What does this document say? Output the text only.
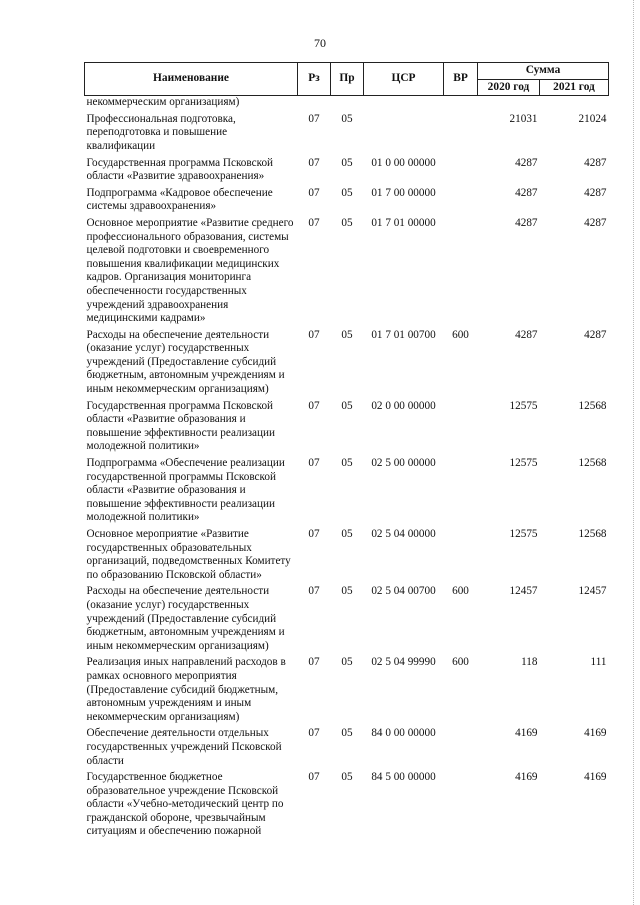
70
Наименование	Рз	Пр	ЦСР	ВР	Сумма	
					2020 год	2021 год
некоммерческим организациям)						
Профессиональная подготовка, переподготовка и повышение квалификации	07	05			21031	21024
Государственная программа Псковской области «Развитие здравоохранения»	07	05	01 0 00 00000		4287	4287
Подпрограмма «Кадровое обеспечение системы здравоохранения»	07	05	01 7 00 00000		4287	4287
Основное мероприятие «Развитие среднего профессионального образования, системы целевой подготовки и своевременного повышения квалификации медицинских кадров. Организация мониторинга обеспеченности государственных учреждений здравоохранения медицинскими кадрами»	07	05	01 7 01 00000		4287	4287
Расходы на обеспечение деятельности (оказание услуг) государственных учреждений (Предоставление субсидий бюджетным, автономным учреждениям и иным некоммерческим организациям)	07	05	01 7 01 00700	600	4287	4287
Государственная программа Псковской области «Развитие образования и повышение эффективности реализации молодежной политики»	07	05	02 0 00 00000		12575	12568
Подпрограмма «Обеспечение реализации государственной программы Псковской области «Развитие образования и повышение эффективности реализации молодежной политики»	07	05	02 5 00 00000		12575	12568
Основное мероприятие «Развитие государственных образовательных организаций, подведомственных Комитету по образованию Псковской области»	07	05	02 5 04 00000		12575	12568
Расходы на обеспечение деятельности (оказание услуг) государственных учреждений (Предоставление субсидий бюджетным, автономным учреждениям и иным некоммерческим организациям)	07	05	02 5 04 00700	600	12457	12457
Реализация иных направлений расходов в рамках основного мероприятия (Предоставление субсидий бюджетным, автономным учреждениям и иным некоммерческим организациям)	07	05	02 5 04 99990	600	118	111
Обеспечение деятельности отдельных государственных учреждений Псковской области	07	05	84 0 00 00000		4169	4169
Государственное бюджетное образовательное учреждение Псковской области «Учебно-методический центр по гражданской обороне, чрезвычайным ситуациям и обеспечению пожарной	07	05	84 5 00 00000		4169	4169
